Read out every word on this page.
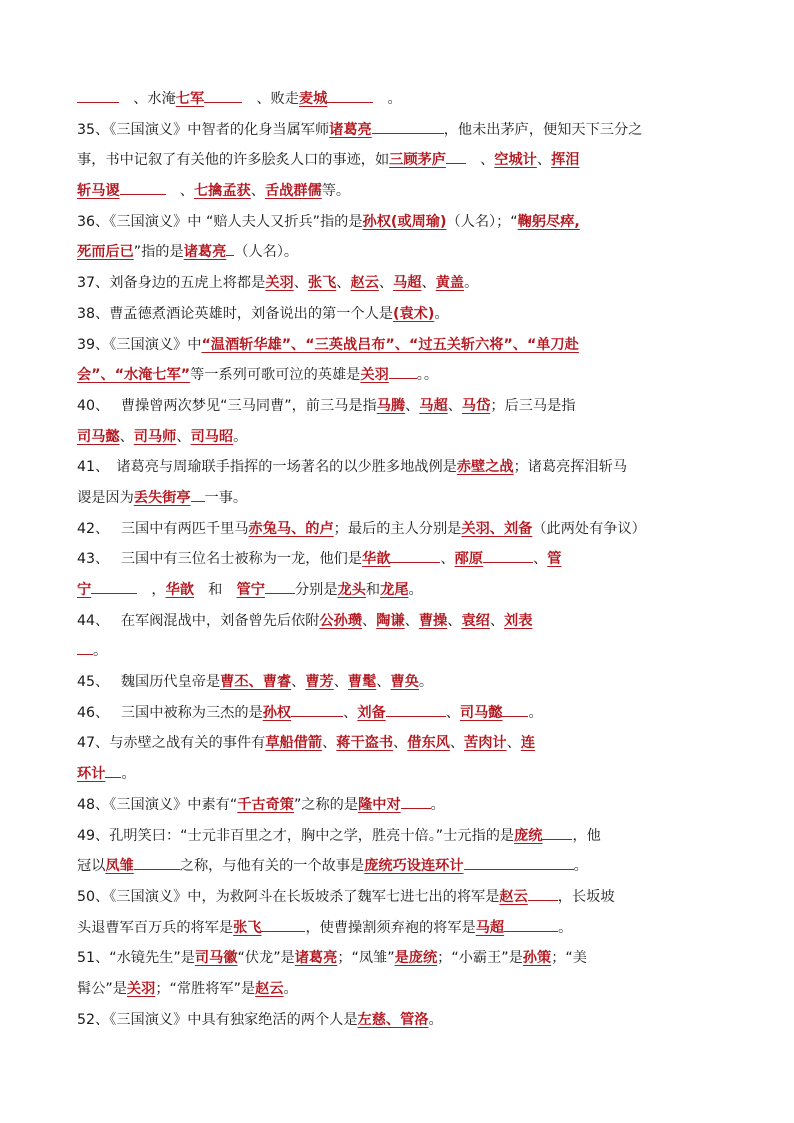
　、水淹七军	　、败走麦城	　。
35、《三国演义》中智者的化身当属军师诸葛亮	，他未出茅庐，便知天下三分之
事，书中记叙了有关他的许多脍炙人口的事迹，如三顾茅庐　、空城计、挥泪
斩马谡	　、七擒孟获、舌战群儒等。
36、《三国演义》中 “赔人夫人又折兵”指的是孙权(或周瑜)（人名）；“鞠躬尽瘁,
死而后已”指的是诸葛亮 （人名）。
37、刘备身边的五虎上将都是关羽、张飞、赵云、马超、黄盖。
38、曹孟德煮酒论英雄时，刘备说出的第一个人是(袁术)。
39、《三国演义》中“温酒斩华雄”、“三英战吕布”、“过五关斩六将”、“单刀赴
会”、“水淹七军”等一系列可歌可泣的英雄是关羽 。。
40、　 曹操曾两次梦见“三马同曹”，前三马是指马腾、马超、马岱；后三马是指
司马懿、司马师、司马昭。
41、　诸葛亮与周瑜联手指挥的一场著名的以少胜多地战例是赤壁之战；诸葛亮挥泪斩马
谡是因为丢失街亭 一事。
42、　 三国中有两匹千里马赤兔马、的卢；最后的主人分别是关羽、刘备（此两处有争议）
43、　 三国中有三位名士被称为一龙，他们是华歆	、邴原	、管
宁	　，华歆　和　管宁 分别是龙头和龙尾。
44、　 在军阀混战中，刘备曾先后依附公孙瓒、陶谦、曹操、袁绍、刘表
。
45、　 魏国历代皇帝是曹丕、曹睿、曹芳、曹髦、曹奂。
46、　 三国中被称为三杰的是孙权	、刘备	、司马懿 。
47、与赤壁之战有关的事件有草船借箭、蒋干盗书、借东风、苦肉计、连
环计 。
48、《三国演义》中素有“千古奇策”之称的是隆中对 。
49、孔明笑曰：“士元非百里之才，胸中之学，胜亮十倍。”士元指的是庞统 ，他
冠以凤雏	之称，与他有关的一个故事是庞统巧设连环计	。
50、《三国演义》中，为救阿斗在长坂坡杀了魏军七进七出的将军是赵云 ，长坂坡
头退曹军百万兵的将军是张飞	，使曹操割须弃袍的将军是马超	。
51、“水镜先生”是司马徽“伏龙”是诸葛亮；“凤雏”是庞统；“小霸王”是孙策；“美
髯公”是关羽；“常胜将军”是赵云。
52、《三国演义》中具有独家绝活的两个人是左慈、管洛。
